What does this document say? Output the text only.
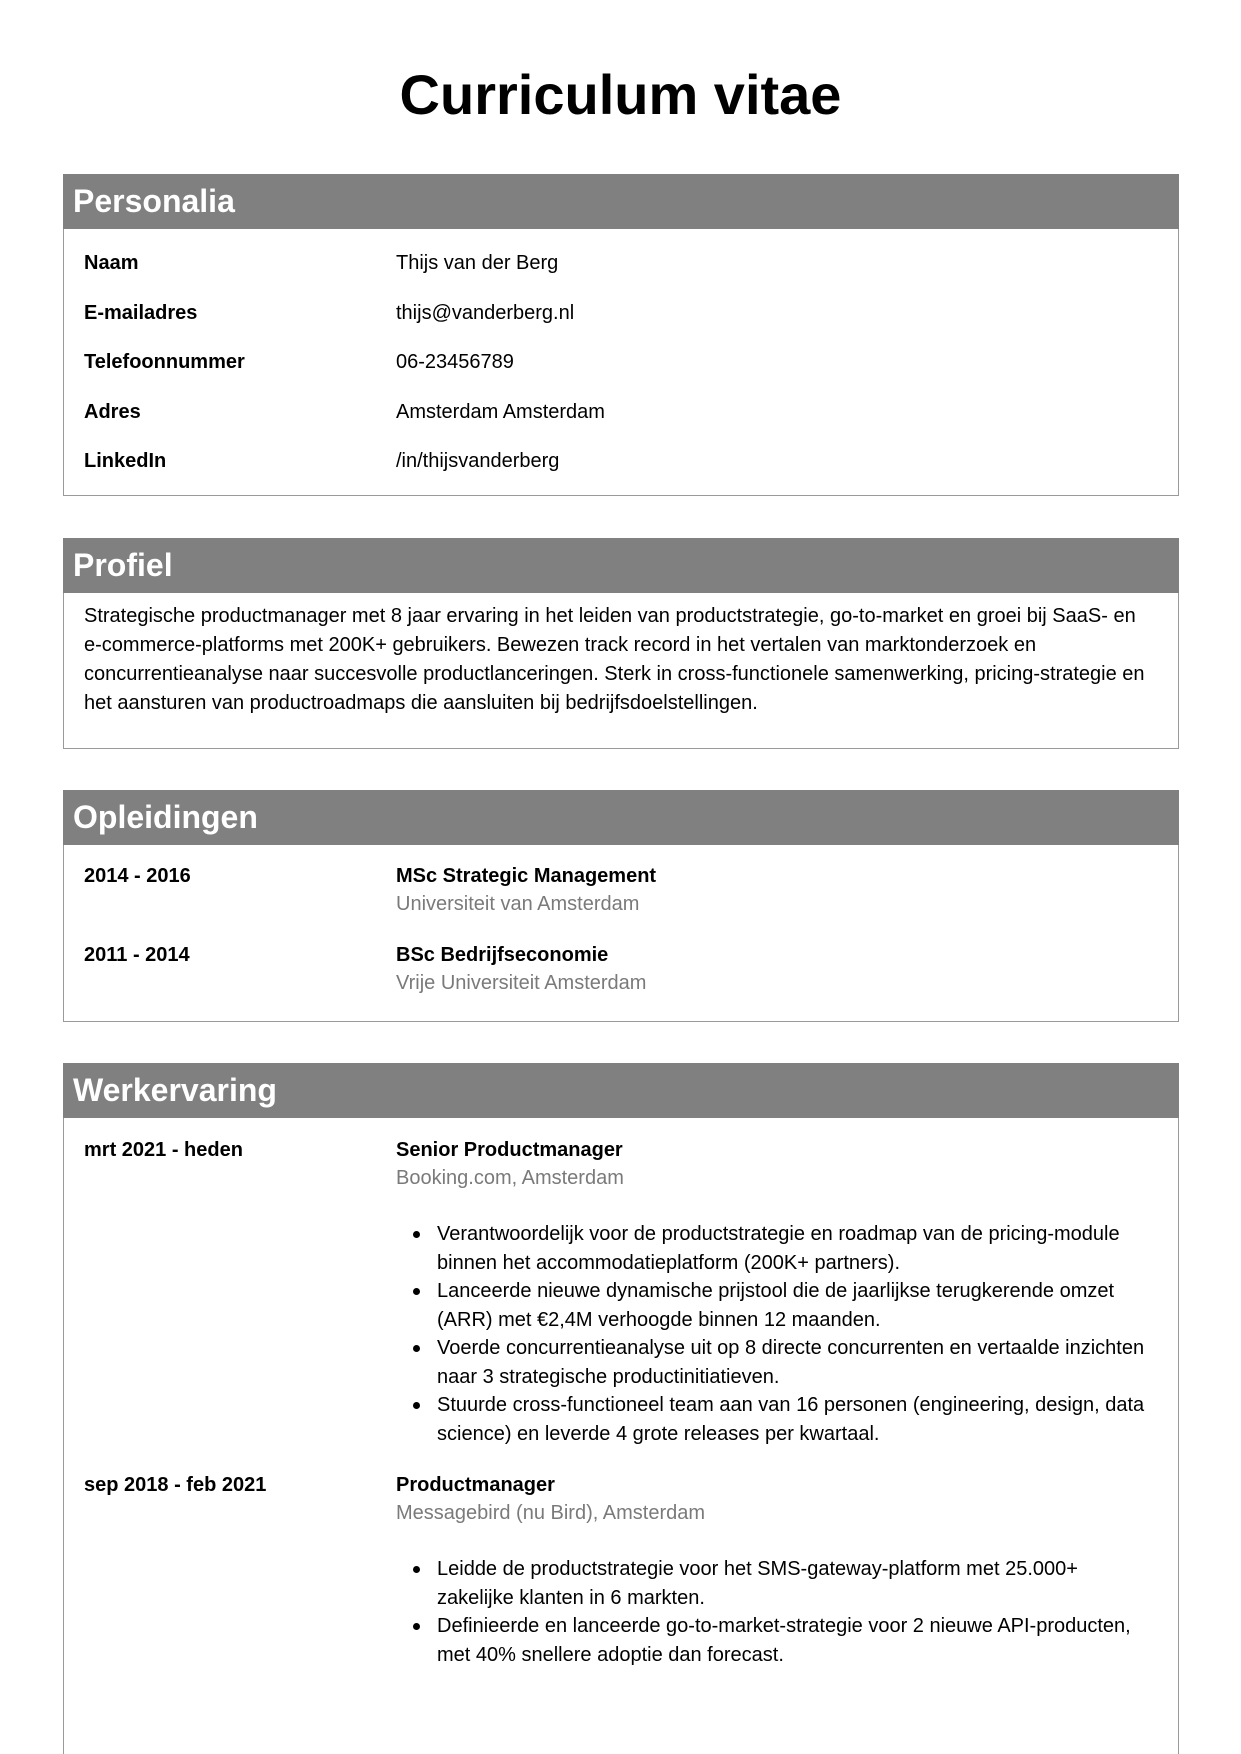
Curriculum vitae
Personalia
Naam	Thijs van der Berg
E-mailadres	thijs@vanderberg.nl
Telefoonnummer	06-23456789
Adres	Amsterdam Amsterdam
LinkedIn	/in/thijsvanderberg
Profiel

Strategische productmanager met 8 jaar ervaring in het leiden van productstrategie, go-to-market en groei bij SaaS- en e-commerce-platforms met 200K+ gebruikers. Bewezen track record in het vertalen van marktonderzoek en concurrentieanalyse naar succesvolle productlanceringen. Sterk in cross-functionele samenwerking, pricing-strategie en het aansturen van productroadmaps die aansluiten bij bedrijfsdoelstellingen.

Opleidingen
2014 - 2016	MSc Strategic Management
Universiteit van Amsterdam
2011 - 2014	BSc Bedrijfseconomie
Vrije Universiteit Amsterdam
Werkervaring
mrt 2021 - heden	Senior Productmanager
Booking.com, Amsterdam
Verantwoordelijk voor de productstrategie en roadmap van de pricing-module binnen het accommodatieplatform (200K+ partners).
Lanceerde nieuwe dynamische prijstool die de jaarlijkse terugkerende omzet (ARR) met €2,4M verhoogde binnen 12 maanden.
Voerde concurrentieanalyse uit op 8 directe concurrenten en vertaalde inzichten naar 3 strategische productinitiatieven.
Stuurde cross-functioneel team aan van 16 personen (engineering, design, data science) en leverde 4 grote releases per kwartaal.
sep 2018 - feb 2021	Productmanager
Messagebird (nu Bird), Amsterdam
Leidde de productstrategie voor het SMS-gateway-platform met 25.000+ zakelijke klanten in 6 markten.
Definieerde en lanceerde go-to-market-strategie voor 2 nieuwe API-producten, met 40% snellere adoptie dan forecast.
